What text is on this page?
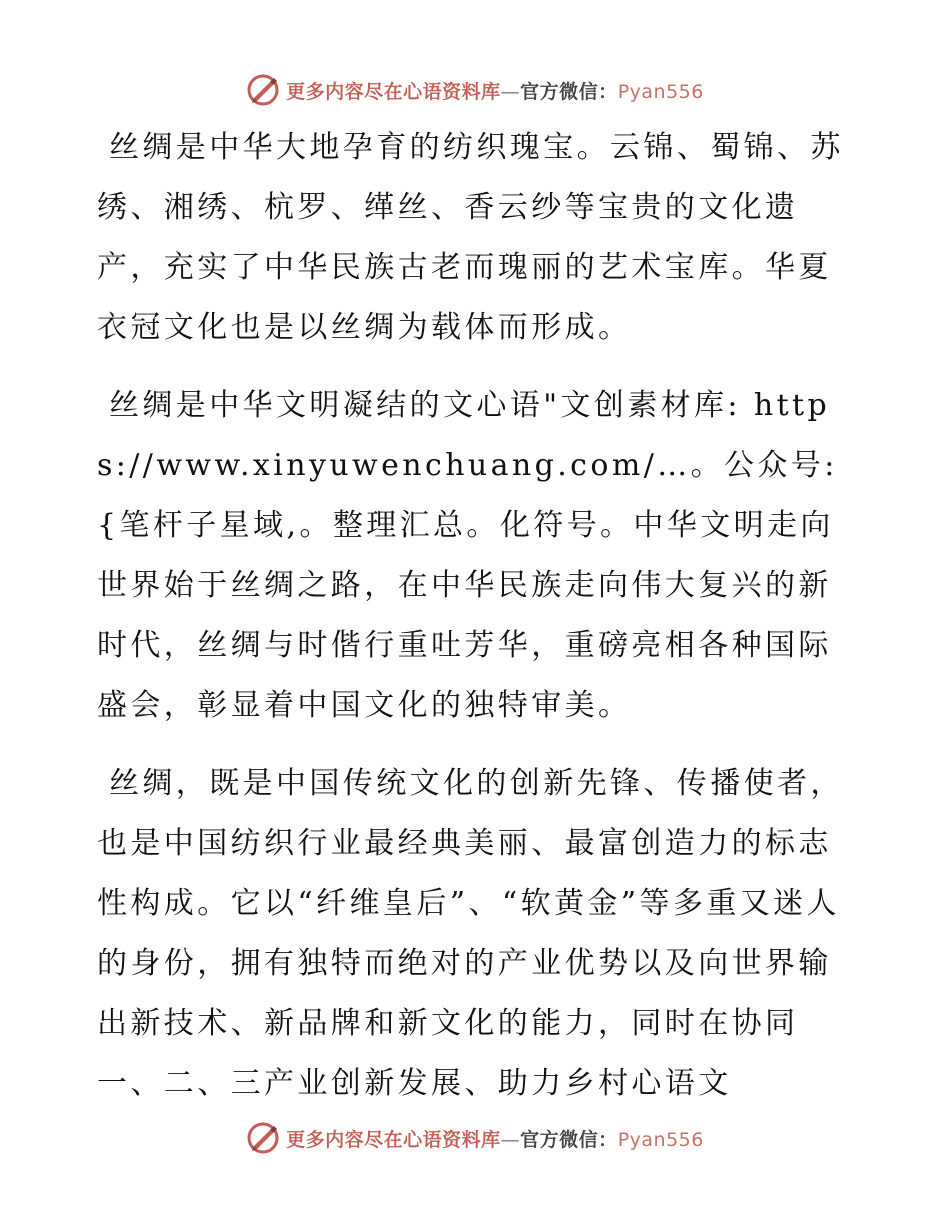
更多内容尽在心语资料库—官方微信：Pyan556

丝绸是中华大地孕育的纺织瑰宝。云锦、蜀锦、苏绣、湘绣、杭罗、缂丝、香云纱等宝贵的文化遗产，充实了中华民族古老而瑰丽的艺术宝库。华夏衣冠文化也是以丝绸为载体而形成。

丝绸是中华文明凝结的文心语"文创素材库: https://www.xinyuwenchuang.com/…。公众号: {笔杆子星域,。整理汇总。化符号。中华文明走向世界始于丝绸之路，在中华民族走向伟大复兴的新时代，丝绸与时偕行重吐芳华，重磅亮相各种国际盛会，彰显着中国文化的独特审美。

丝绸，既是中国传统文化的创新先锋、传播使者，也是中国纺织行业最经典美丽、最富创造力的标志性构成。它以“纤维皇后”、“软黄金”等多重又迷人的身份，拥有独特而绝对的产业优势以及向世界输出新技术、新品牌和新文化的能力，同时在协同一、二、三产业创新发展、助力乡村心语文

更多内容尽在心语资料库—官方微信：Pyan556
